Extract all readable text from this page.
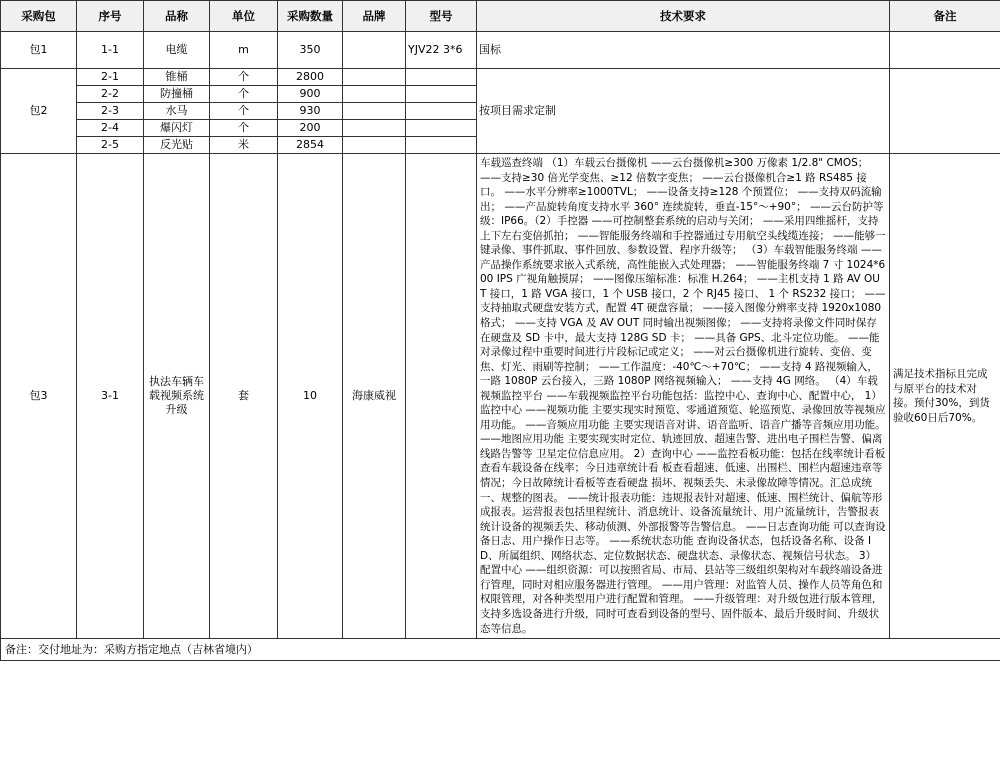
采购包	序号	品称	单位	采购数量	品牌	型号	技术要求	备注
包1	1-1	电缆	m	350		YJV22 3*6	国标	
包2	2-1	锥桶	个	2800			按项目需求定制	
	2-2	防撞桶	个	900				
	2-3	水马	个	930				
	2-4	爆闪灯	个	200				
	2-5	反光贴	米	2854				
包3	3-1	执法车辆车载视频系统升级	套	10	海康威视		车载巡查终端 （1）车载云台摄像机 ——云台摄像机≥300 万像素 1/2.8" CMOS； ——支持≥30 倍光学变焦、≥12 倍数字变焦； ——云台摄像机合≥1 路 RS485 接口。 ——水平分辨率≥1000TVL； ——设备支持≥128 个预置位； ——支持双码流输出； ——产品旋转角度支持水平 360° 连续旋转，垂直-15°～+90°； ——云台防护等级：IP66。（2）手控器 ——可控制整套系统的启动与关闭； ——采用四维摇杆，支持上下左右变倍抓拍； ——智能服务终端和手控器通过专用航空头线缆连接； ——能够一键录像、事件抓取、事件回放、参数设置、程序升级等； （3）车载智能服务终端 ——产品操作系统要求嵌入式系统，高性能嵌入式处理器； ——智能服务终端 7 寸 1024*600 IPS 广视角触摸屏； ——图像压缩标准：标准 H.264； ——主机支持 1 路 AV OUT 接口，1 路 VGA 接口，1 个 USB 接口，2 个 RJ45 接口、 1 个 RS232 接口； ——支持抽取式硬盘安装方式，配置 4T 硬盘容量； ——接入图像分辨率支持 1920x1080 格式； ——支持 VGA 及 AV OUT 同时输出视频图像； ——支持将录像文件同时保存在硬盘及 SD 卡中，最大支持 128G SD 卡； ——具备 GPS、北斗定位功能。 ——能对录像过程中重要时间进行片段标记或定义； ——对云台摄像机进行旋转、变倍、变焦、灯光、雨刷等控制； ——工作温度：-40℃～+70℃； ——支持 4 路视频输入，一路 1080P 云台接入，三路 1080P 网络视频输入； ——支持 4G 网络。 （4）车载视频监控平台 ——车载视频监控平台功能包括：监控中心、查询中心、配置中心， 1）监控中心 ——视频功能 主要实现实时预览、零通道预览、轮巡预览、录像回放等视频应用功能。 ——音频应用功能 主要实现语音对讲、语音监听、语音广播等音频应用功能。 ——地图应用功能 主要实现实时定位、轨迹回放、超速告警、进出电子围栏告警、偏离线路告警等 卫星定位信息应用。 2）查询中心 ——监控看板功能：包括在线率统计看板查看车载设备在线率；今日违章统计看 板查看超速、低速、出围栏、围栏内超速违章等情况；今日故障统计看板等查看硬盘 损坏、视频丢失、未录像故障等情况。汇总成统一、规整的图表。 ——统计报表功能：违规报表针对超速、低速、围栏统计、偏航等形成报表。运营报表包括里程统计、消息统计、设备流量统计、用户流量统计，告警报表统计设备的视频丢失、移动侦测、外部报警等告警信息。 ——日志查询功能 可以查询设备日志、用户操作日志等。 ——系统状态功能 查询设备状态，包括设备名称、设备 ID、所属组织、网络状态、定位数据状态、硬盘状态、录像状态、视频信号状态。 3）配置中心 ——组织资源：可以按照省局、市局、县站等三级组织架构对车载终端设备进行管理，同时对相应服务器进行管理。 ——用户管理：对监管人员、操作人员等角色和权限管理，对各种类型用户进行配置和管理。 ——升级管理：对升级包进行版本管理，支持多选设备进行升级，同时可查看到设备的型号、固件版本、最后升级时间、升级状态等信息。	满足技术指标且完成与原平台的技术对接。预付30%，到货验收60日后70%。
备注：交付地址为：采购方指定地点（吉林省境内）								
